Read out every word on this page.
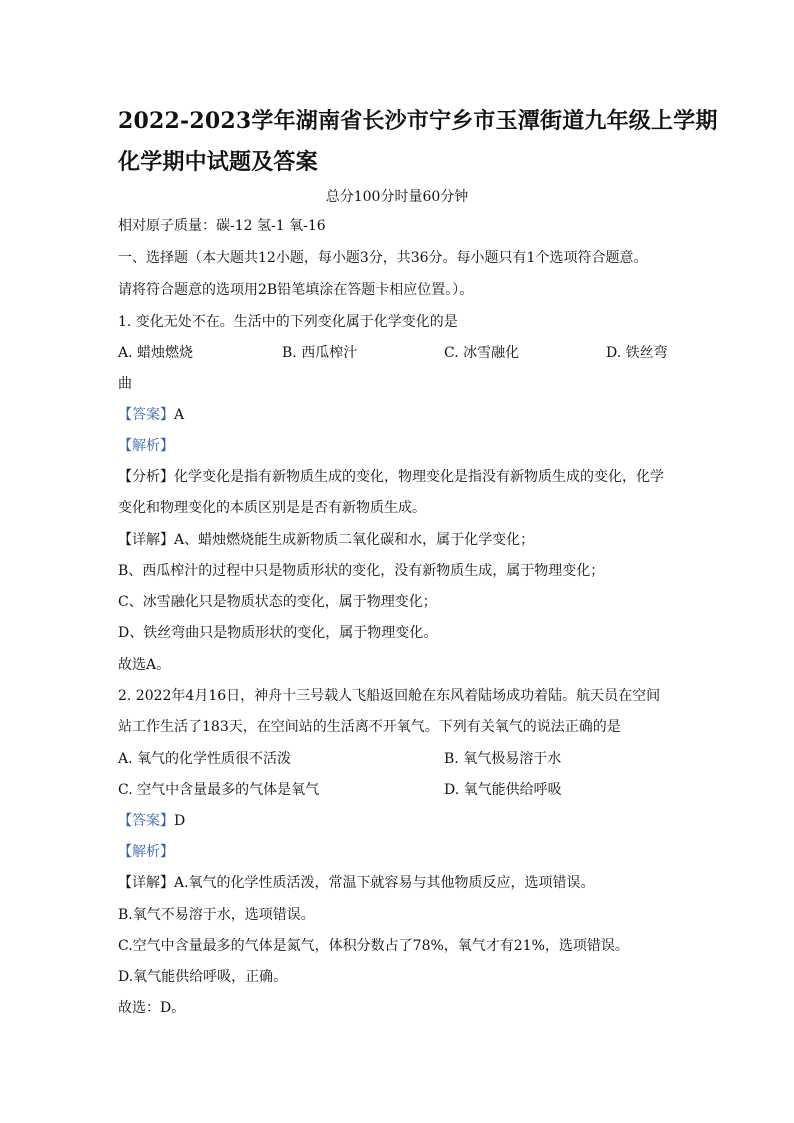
2022-2023学年湖南省长沙市宁乡市玉潭街道九年级上学期
化学期中试题及答案
总分100分时量60分钟
相对原子质量：碳-12 氢-1 氧-16
一、选择题（本大题共12小题，每小题3分，共36分。每小题只有1个选项符合题意。
请将符合题意的选项用2B铅笔填涂在答题卡相应位置。）。
1. 变化无处不在。生活中的下列变化属于化学变化的是
A. 蜡烛燃烧	B. 西瓜榨汁	C. 冰雪融化	D. 铁丝弯
曲
【答案】A
【解析】
【分析】化学变化是指有新物质生成的变化，物理变化是指没有新物质生成的变化，化学
变化和物理变化的本质区别是是否有新物质生成。
【详解】A、蜡烛燃烧能生成新物质二氧化碳和水，属于化学变化；
B、西瓜榨汁的过程中只是物质形状的变化，没有新物质生成，属于物理变化；
C、冰雪融化只是物质状态的变化，属于物理变化；
D、铁丝弯曲只是物质形状的变化，属于物理变化。
故选A。
2. 2022年4月16日，神舟十三号载人飞船返回舱在东风着陆场成功着陆。航天员在空间
站工作生活了183天，在空间站的生活离不开氧气。下列有关氧气的说法正确的是
A. 氧气的化学性质很不活泼	B. 氧气极易溶于水
C. 空气中含量最多的气体是氧气	D. 氧气能供给呼吸
【答案】D
【解析】
【详解】A.氧气的化学性质活泼，常温下就容易与其他物质反应，选项错误。
B.氧气不易溶于水，选项错误。
C.空气中含量最多的气体是氮气，体积分数占了78%，氧气才有21%，选项错误。
D.氧气能供给呼吸，正确。
故选：D。
